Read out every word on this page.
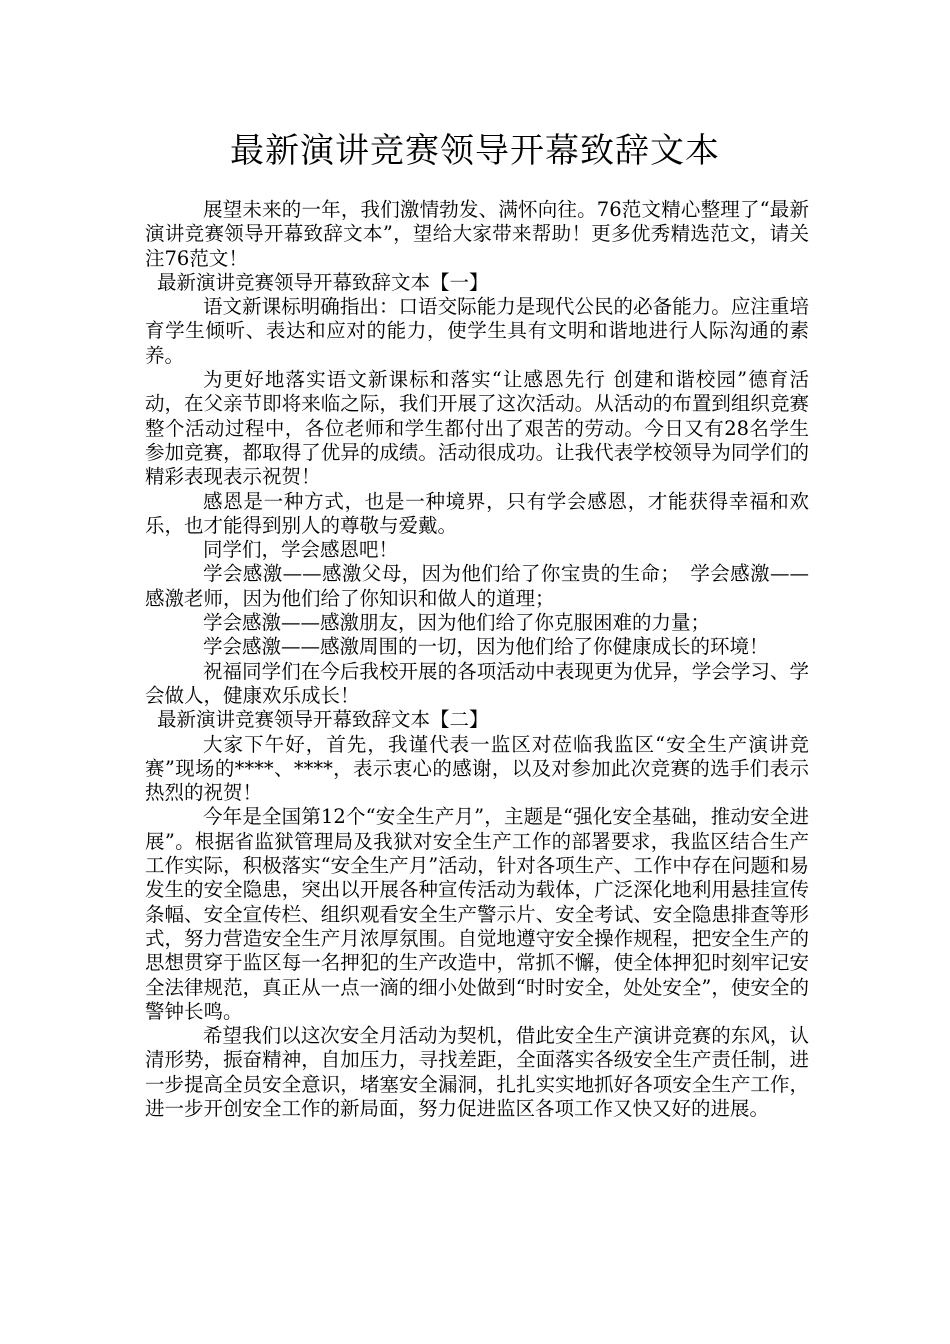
最新演讲竞赛领导开幕致辞文本

展望未来的一年，我们激情勃发、满怀向往。76范文精心整理了“最新演讲竞赛领导开幕致辞文本”，望给大家带来帮助！更多优秀精选范文，请关注76范文！

最新演讲竞赛领导开幕致辞文本【一】

语文新课标明确指出：口语交际能力是现代公民的必备能力。应注重培育学生倾听、表达和应对的能力，使学生具有文明和谐地进行人际沟通的素养。

为更好地落实语文新课标和落实“让感恩先行 创建和谐校园”德育活动，在父亲节即将来临之际，我们开展了这次活动。从活动的布置到组织竞赛整个活动过程中，各位老师和学生都付出了艰苦的劳动。今日又有28名学生参加竞赛，都取得了优异的成绩。活动很成功。让我代表学校领导为同学们的精彩表现表示祝贺！

感恩是一种方式，也是一种境界，只有学会感恩，才能获得幸福和欢乐，也才能得到别人的尊敬与爱戴。

同学们，学会感恩吧！

学会感激——感激父母，因为他们给了你宝贵的生命；　学会感激——感激老师，因为他们给了你知识和做人的道理；

学会感激——感激朋友，因为他们给了你克服困难的力量；

学会感激——感激周围的一切，因为他们给了你健康成长的环境！

祝福同学们在今后我校开展的各项活动中表现更为优异，学会学习、学会做人，健康欢乐成长！

最新演讲竞赛领导开幕致辞文本【二】

大家下午好，首先，我谨代表一监区对莅临我监区“安全生产演讲竞赛”现场的****、****，表示衷心的感谢，以及对参加此次竞赛的选手们表示热烈的祝贺！

今年是全国第12个“安全生产月”，主题是“强化安全基础，推动安全进展”。根据省监狱管理局及我狱对安全生产工作的部署要求，我监区结合生产工作实际，积极落实“安全生产月”活动，针对各项生产、工作中存在问题和易发生的安全隐患，突出以开展各种宣传活动为载体，广泛深化地利用悬挂宣传条幅、安全宣传栏、组织观看安全生产警示片、安全考试、安全隐患排查等形式，努力营造安全生产月浓厚氛围。自觉地遵守安全操作规程，把安全生产的思想贯穿于监区每一名押犯的生产改造中，常抓不懈，使全体押犯时刻牢记安全法律规范，真正从一点一滴的细小处做到“时时安全，处处安全”，使安全的警钟长鸣。

希望我们以这次安全月活动为契机，借此安全生产演讲竞赛的东风，认清形势，振奋精神，自加压力，寻找差距，全面落实各级安全生产责任制，进一步提高全员安全意识，堵塞安全漏洞，扎扎实实地抓好各项安全生产工作，进一步开创安全工作的新局面，努力促进监区各项工作又快又好的进展。
